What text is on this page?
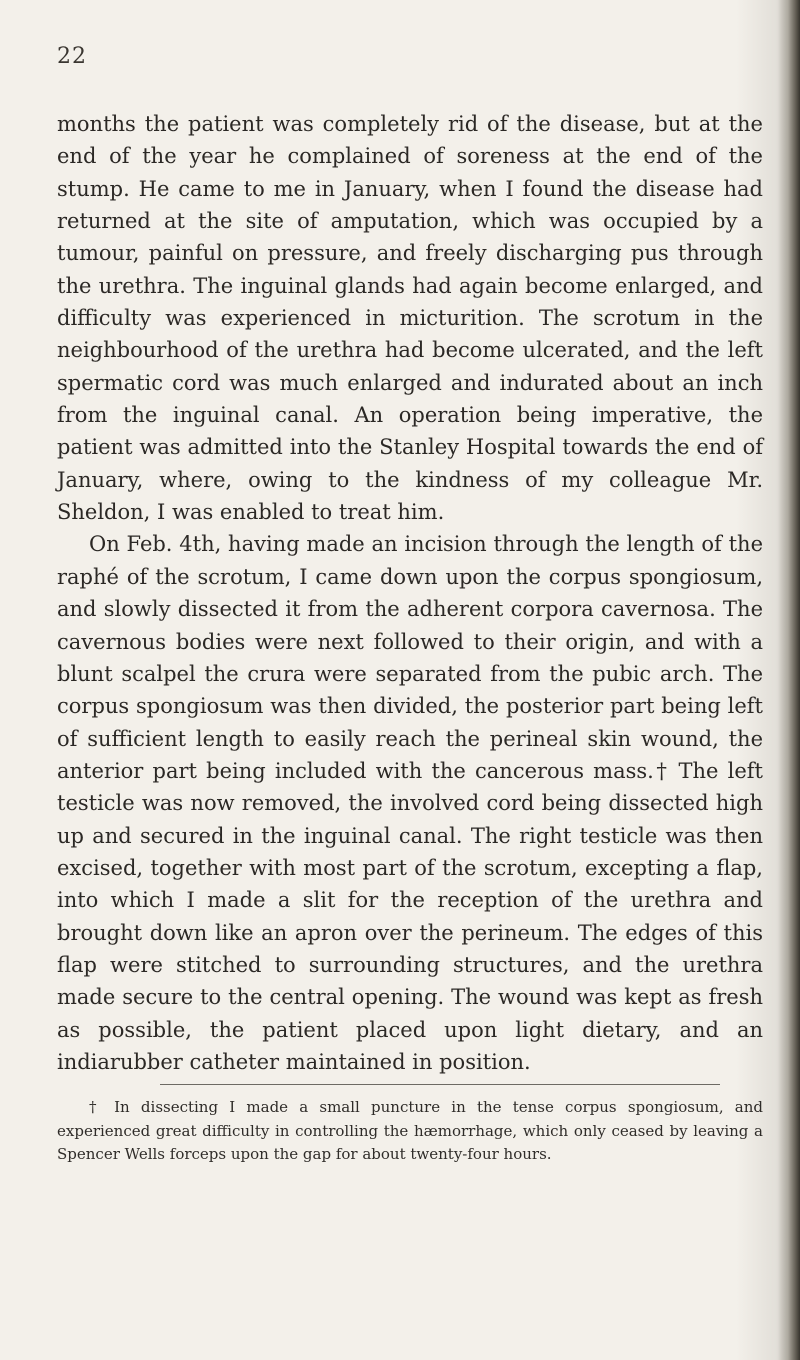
22

months the patient was completely rid of the disease, but at the end of the year he complained of soreness at the end of the stump. He came to me in January, when I found the disease had returned at the site of amputation, which was occupied by a tumour, painful on pressure, and freely discharging pus through the urethra. The inguinal glands had again become enlarged, and difficulty was experienced in micturition. The scrotum in the neighbourhood of the urethra had become ulcerated, and the left spermatic cord was much enlarged and indurated about an inch from the inguinal canal. An operation being imperative, the patient was admitted into the Stanley Hospital towards the end of January, where, owing to the kindness of my colleague Mr. Sheldon, I was enabled to treat him.

On Feb. 4th, having made an incision through the length of the raphé of the scrotum, I came down upon the corpus spongiosum, and slowly dissected it from the adherent corpora cavernosa. The cavernous bodies were next followed to their origin, and with a blunt scalpel the crura were separated from the pubic arch. The corpus spongiosum was then divided, the posterior part being left of sufficient length to easily reach the perineal skin wound, the anterior part being included with the cancerous mass.† The left testicle was now removed, the involved cord being dissected high up and secured in the inguinal canal. The right testicle was then excised, together with most part of the scrotum, excepting a flap, into which I made a slit for the reception of the urethra and brought down like an apron over the perineum. The edges of this flap were stitched to surrounding structures, and the urethra made secure to the central opening. The wound was kept as fresh as possible, the patient placed upon light dietary, and an indiarubber catheter maintained in position.

† In dissecting I made a small puncture in the tense corpus spongiosum, and experienced great difficulty in controlling the hæmorrhage, which only ceased by leaving a Spencer Wells forceps upon the gap for about twenty-four hours.
